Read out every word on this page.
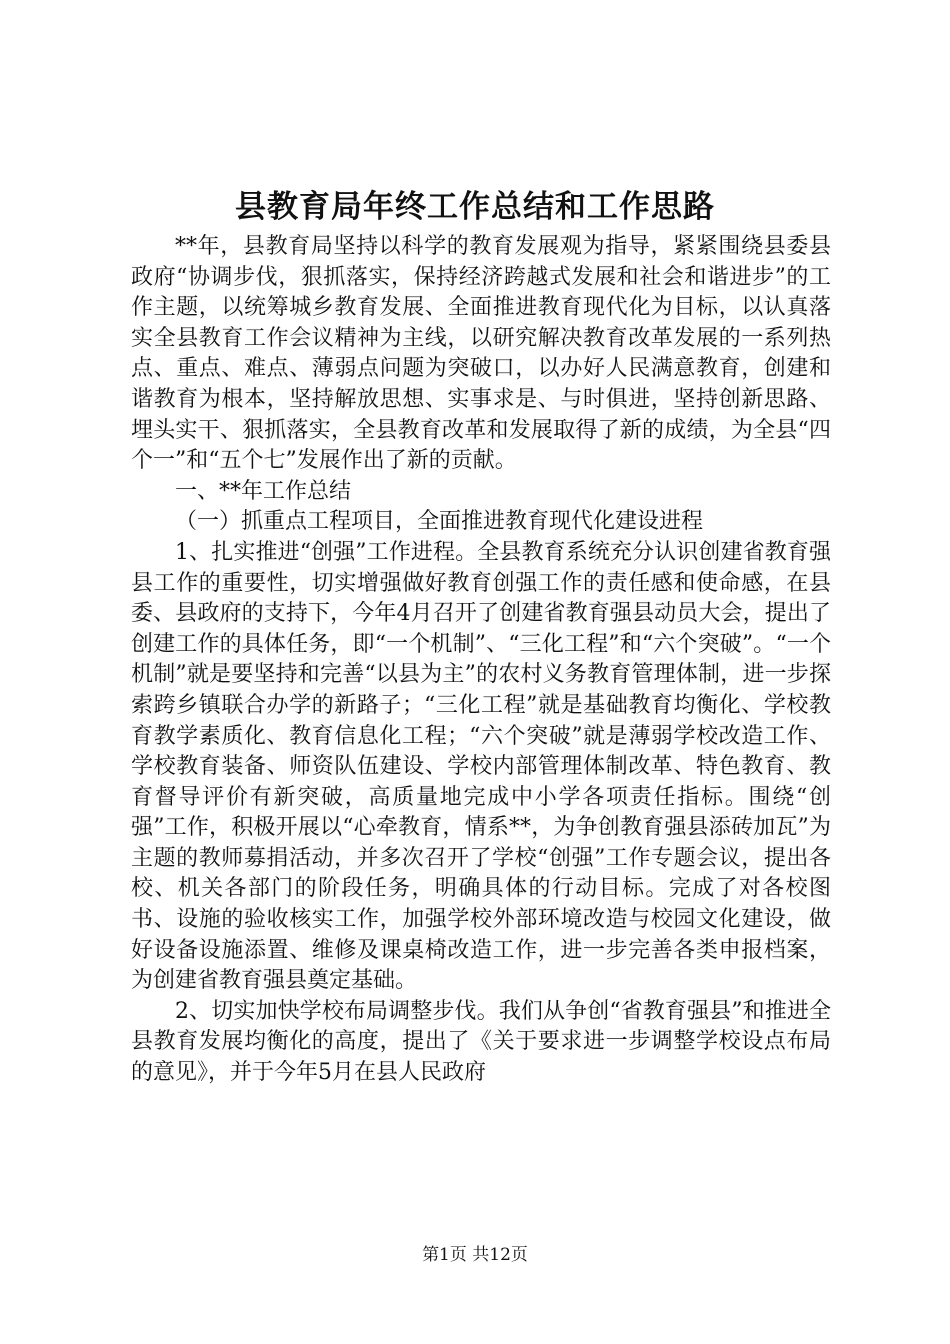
县教育局年终工作总结和工作思路

**年，县教育局坚持以科学的教育发展观为指导，紧紧围绕县委县政府“协调步伐，狠抓落实，保持经济跨越式发展和社会和谐进步”的工作主题，以统筹城乡教育发展、全面推进教育现代化为目标，以认真落实全县教育工作会议精神为主线，以研究解决教育改革发展的一系列热点、重点、难点、薄弱点问题为突破口，以办好人民满意教育，创建和谐教育为根本，坚持解放思想、实事求是、与时俱进，坚持创新思路、埋头实干、狠抓落实，全县教育改革和发展取得了新的成绩，为全县“四个一”和“五个七”发展作出了新的贡献。

一、**年工作总结

（一）抓重点工程项目，全面推进教育现代化建设进程

1、扎实推进“创强”工作进程。全县教育系统充分认识创建省教育强县工作的重要性，切实增强做好教育创强工作的责任感和使命感，在县委、县政府的支持下，今年4月召开了创建省教育强县动员大会，提出了创建工作的具体任务，即“一个机制”、“三化工程”和“六个突破”。“一个机制”就是要坚持和完善“以县为主”的农村义务教育管理体制，进一步探索跨乡镇联合办学的新路子；“三化工程”就是基础教育均衡化、学校教育教学素质化、教育信息化工程；“六个突破”就是薄弱学校改造工作、学校教育装备、师资队伍建设、学校内部管理体制改革、特色教育、教育督导评价有新突破，高质量地完成中小学各项责任指标。围绕“创强”工作，积极开展以“心牵教育，情系**，为争创教育强县添砖加瓦”为主题的教师募捐活动，并多次召开了学校“创强”工作专题会议，提出各校、机关各部门的阶段任务，明确具体的行动目标。完成了对各校图书、设施的验收核实工作，加强学校外部环境改造与校园文化建设，做好设备设施添置、维修及课桌椅改造工作，进一步完善各类申报档案，为创建省教育强县奠定基础。

2、切实加快学校布局调整步伐。我们从争创“省教育强县”和推进全县教育发展均衡化的高度，提出了《关于要求进一步调整学校设点布局的意见》，并于今年5月在县人民政府

第1页 共12页
